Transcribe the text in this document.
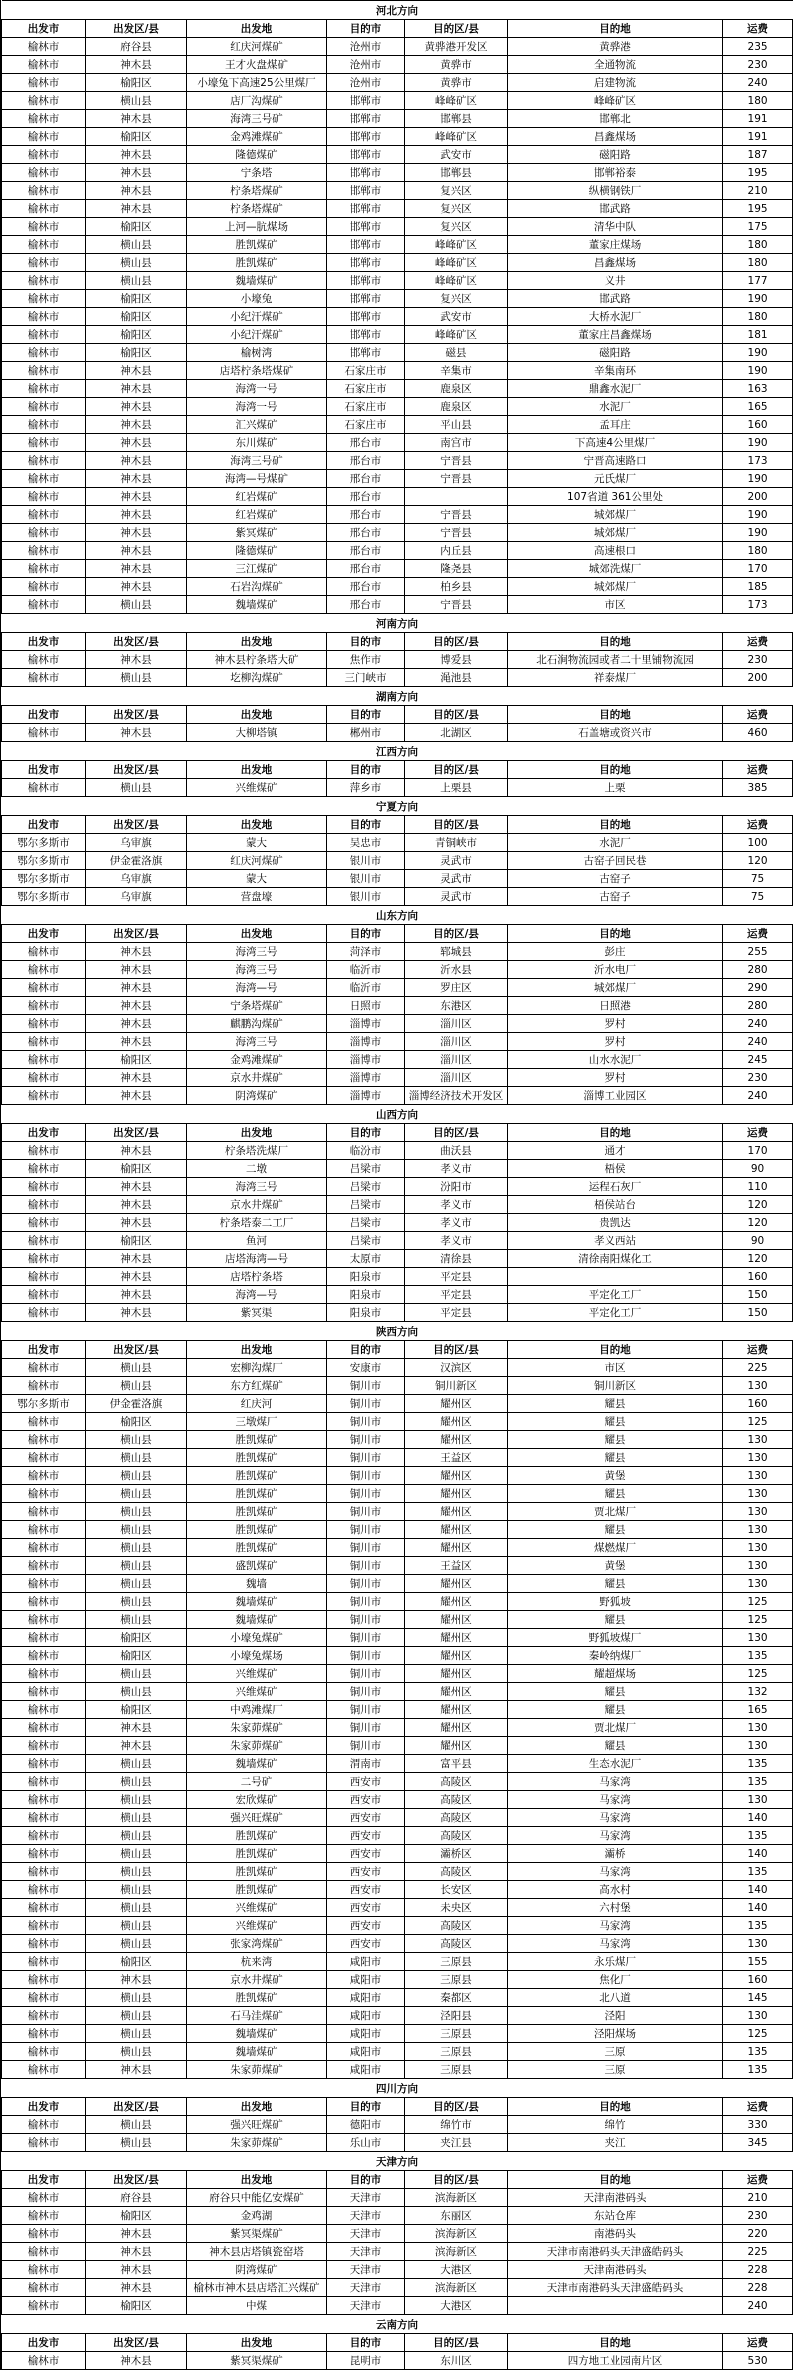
河北方向						
出发市	出发区/县	出发地	目的市	目的区/县	目的地	运费
榆林市	府谷县	红庆河煤矿	沧州市	黄骅港开发区	黄骅港	235
榆林市	神木县	王才火盘煤矿	沧州市	黄骅市	全通物流	230
榆林市	榆阳区	小壕兔下高速25公里煤厂	沧州市	黄骅市	启建物流	240
榆林市	横山县	店厂沟煤矿	邯郸市	峰峰矿区	峰峰矿区	180
榆林市	神木县	海湾三号矿	邯郸市	邯郸县	邯郸北	191
榆林市	榆阳区	金鸡滩煤矿	邯郸市	峰峰矿区	昌鑫煤场	191
榆林市	神木县	隆德煤矿	邯郸市	武安市	磁阳路	187
榆林市	神木县	宁条塔	邯郸市	邯郸县	邯郸裕泰	195
榆林市	神木县	柠条塔煤矿	邯郸市	复兴区	纵横钢铁厂	210
榆林市	神木县	柠条塔煤矿	邯郸市	复兴区	邯武路	195
榆林市	榆阳区	上河—肮煤场	邯郸市	复兴区	清华中队	175
榆林市	横山县	胜凯煤矿	邯郸市	峰峰矿区	董家庄煤场	180
榆林市	横山县	胜凯煤矿	邯郸市	峰峰矿区	昌鑫煤场	180
榆林市	横山县	魏墙煤矿	邯郸市	峰峰矿区	义井	177
榆林市	榆阳区	小壕兔	邯郸市	复兴区	邯武路	190
榆林市	榆阳区	小纪汗煤矿	邯郸市	武安市	大桥水泥厂	180
榆林市	榆阳区	小纪汗煤矿	邯郸市	峰峰矿区	董家庄昌鑫煤场	181
榆林市	榆阳区	榆树湾	邯郸市	磁县	磁阳路	190
榆林市	神木县	店塔柠条塔煤矿	石家庄市	辛集市	辛集南环	190
榆林市	神木县	海湾一号	石家庄市	鹿泉区	鼎鑫水泥厂	163
榆林市	神木县	海湾一号	石家庄市	鹿泉区	水泥厂	165
榆林市	神木县	汇兴煤矿	石家庄市	平山县	孟耳庄	160
榆林市	神木县	东川煤矿	邢台市	南宫市	下高速4公里煤厂	190
榆林市	神木县	海湾三号矿	邢台市	宁晋县	宁晋高速路口	173
榆林市	神木县	海湾—号煤矿	邢台市	宁晋县	元氏煤厂	190
榆林市	神木县	红岩煤矿	邢台市		107省道 361公里处	200
榆林市	神木县	红岩煤矿	邢台市	宁晋县	城郊煤厂	190
榆林市	神木县	紫冥煤矿	邢台市	宁晋县	城郊煤厂	190
榆林市	神木县	隆德煤矿	邢台市	内丘县	高速根口	180
榆林市	神木县	三江煤矿	邢台市	隆尧县	城郊洗煤厂	170
榆林市	神木县	石岩沟煤矿	邢台市	柏乡县	城郊煤厂	185
榆林市	横山县	魏墙煤矿	邢台市	宁晋县	市区	173
河南方向						
出发市	出发区/县	出发地	目的市	目的区/县	目的地	运费
榆林市	神木县	神木县柠条塔大矿	焦作市	博爱县	北石涧物流园或者二十里铺物流园	230
榆林市	横山县	圪柳沟煤矿	三门峡市	渑池县	祥泰煤厂	200
湖南方向						
出发市	出发区/县	出发地	目的市	目的区/县	目的地	运费
榆林市	神木县	大柳塔镇	郴州市	北湖区	石盖塘或资兴市	460
江西方向						
出发市	出发区/县	出发地	目的市	目的区/县	目的地	运费
榆林市	横山县	兴维煤矿	萍乡市	上栗县	上栗	385
宁夏方向						
出发市	出发区/县	出发地	目的市	目的区/县	目的地	运费
鄂尔多斯市	乌审旗	蒙大	吴忠市	青铜峡市	水泥厂	100
鄂尔多斯市	伊金霍洛旗	红庆河煤矿	银川市	灵武市	古窑子回民巷	120
鄂尔多斯市	乌审旗	蒙大	银川市	灵武市	古窑子	75
鄂尔多斯市	乌审旗	营盘壕	银川市	灵武市	古窑子	75
山东方向						
出发市	出发区/县	出发地	目的市	目的区/县	目的地	运费
榆林市	神木县	海湾三号	菏泽市	郓城县	彭庄	255
榆林市	神木县	海湾三号	临沂市	沂水县	沂水电厂	280
榆林市	神木县	海湾—号	临沂市	罗庄区	城郊煤厂	290
榆林市	神木县	宁条塔煤矿	日照市	东港区	日照港	280
榆林市	神木县	麒鹏沟煤矿	淄博市	淄川区	罗村	240
榆林市	神木县	海湾三号	淄博市	淄川区	罗村	240
榆林市	榆阳区	金鸡滩煤矿	淄博市	淄川区	山水水泥厂	245
榆林市	神木县	京水井煤矿	淄博市	淄川区	罗村	230
榆林市	神木县	阴湾煤矿	淄博市	淄博经济技术开发区	淄博工业园区	240
山西方向						
出发市	出发区/县	出发地	目的市	目的区/县	目的地	运费
榆林市	神木县	柠条塔洗煤厂	临汾市	曲沃县	通才	170
榆林市	榆阳区	二墩	吕梁市	孝义市	梧侯	90
榆林市	神木县	海湾三号	吕梁市	汾阳市	运程石灰厂	110
榆林市	神木县	京水井煤矿	吕梁市	孝义市	梧侯站台	120
榆林市	神木县	柠条塔泰二工厂	吕梁市	孝义市	贵凯达	120
榆林市	榆阳区	鱼河	吕梁市	孝义市	孝义西站	90
榆林市	神木县	店塔海湾—号	太原市	清徐县	清徐南阳煤化工	120
榆林市	神木县	店塔柠条塔	阳泉市	平定县		160
榆林市	神木县	海湾—号	阳泉市	平定县	平定化工厂	150
榆林市	神木县	紫冥渠	阳泉市	平定县	平定化工厂	150
陕西方向						
出发市	出发区/县	出发地	目的市	目的区/县	目的地	运费
榆林市	横山县	宏柳沟煤厂	安康市	汉滨区	市区	225
榆林市	横山县	东方红煤矿	铜川市	铜川新区	铜川新区	130
鄂尔多斯市	伊金霍洛旗	红庆河	铜川市	耀州区	耀县	160
榆林市	榆阳区	三墩煤厂	铜川市	耀州区	耀县	125
榆林市	横山县	胜凯煤矿	铜川市	耀州区	耀县	130
榆林市	横山县	胜凯煤矿	铜川市	王益区	耀县	130
榆林市	横山县	胜凯煤矿	铜川市	耀州区	黄堡	130
榆林市	横山县	胜凯煤矿	铜川市	耀州区	耀县	130
榆林市	横山县	胜凯煤矿	铜川市	耀州区	贾北煤厂	130
榆林市	横山县	胜凯煤矿	铜川市	耀州区	耀县	130
榆林市	横山县	胜凯煤矿	铜川市	耀州区	煤燃煤厂	130
榆林市	横山县	盛凯煤矿	铜川市	王益区	黄堡	130
榆林市	横山县	魏墙	铜川市	耀州区	耀县	130
榆林市	横山县	魏墙煤矿	铜川市	耀州区	野狐坡	125
榆林市	横山县	魏墙煤矿	铜川市	耀州区	耀县	125
榆林市	榆阳区	小壕兔煤矿	铜川市	耀州区	野狐坡煤厂	130
榆林市	榆阳区	小壕兔煤场	铜川市	耀州区	秦岭纳煤厂	135
榆林市	横山县	兴维煤矿	铜川市	耀州区	耀超煤场	125
榆林市	横山县	兴维煤矿	铜川市	耀州区	耀县	132
榆林市	榆阳区	中鸡滩煤厂	铜川市	耀州区	耀县	165
榆林市	神木县	朱家茆煤矿	铜川市	耀州区	贾北煤厂	130
榆林市	神木县	朱家茆煤矿	铜川市	耀州区	耀县	130
榆林市	横山县	魏墙煤矿	渭南市	富平县	生态水泥厂	135
榆林市	横山县	二号矿	西安市	高陵区	马家湾	135
榆林市	横山县	宏欣煤矿	西安市	高陵区	马家湾	130
榆林市	横山县	强兴旺煤矿	西安市	高陵区	马家湾	140
榆林市	横山县	胜凯煤矿	西安市	高陵区	马家湾	135
榆林市	横山县	胜凯煤矿	西安市	灞桥区	灞桥	140
榆林市	横山县	胜凯煤矿	西安市	高陵区	马家湾	135
榆林市	横山县	胜凯煤矿	西安市	长安区	高水村	140
榆林市	横山县	兴维煤矿	西安市	未央区	六村堡	140
榆林市	横山县	兴维煤矿	西安市	高陵区	马家湾	135
榆林市	横山县	张家湾煤矿	西安市	高陵区	马家湾	130
榆林市	榆阳区	杭来湾	咸阳市	三原县	永乐煤厂	155
榆林市	神木县	京水井煤矿	咸阳市	三原县	焦化厂	160
榆林市	横山县	胜凯煤矿	咸阳市	秦都区	北八道	145
榆林市	横山县	石马洼煤矿	咸阳市	泾阳县	泾阳	130
榆林市	横山县	魏墙煤矿	咸阳市	三原县	泾阳煤场	125
榆林市	横山县	魏墙煤矿	咸阳市	三原县	三原	135
榆林市	神木县	朱家茆煤矿	咸阳市	三原县	三原	135
四川方向						
出发市	出发区/县	出发地	目的市	目的区/县	目的地	运费
榆林市	横山县	强兴旺煤矿	德阳市	绵竹市	绵竹	330
榆林市	横山县	朱家茆煤矿	乐山市	夹江县	夹江	345
天津方向						
出发市	出发区/县	出发地	目的市	目的区/县	目的地	运费
榆林市	府谷县	府谷只中能亿安煤矿	天津市	滨海新区	天津南港码头	210
榆林市	榆阳区	金鸡湖	天津市	东丽区	东站仓库	230
榆林市	神木县	紫冥渠煤矿	天津市	滨海新区	南港码头	220
榆林市	神木县	神木县店塔镇瓷窑塔	天津市	滨海新区	天津市南港码头天津盛皓码头	225
榆林市	神木县	阴湾煤矿	天津市	大港区	天津南港码头	228
榆林市	神木县	榆林市神木县店塔汇兴煤矿	天津市	滨海新区	天津市南港码头天津盛皓码头	228
榆林市	榆阳区	中煤	天津市	大港区		240
云南方向						
出发市	出发区/县	出发地	目的市	目的区/县	目的地	运费
榆林市	神木县	紫冥渠煤矿	昆明市	东川区	四方地工业园南片区	530
